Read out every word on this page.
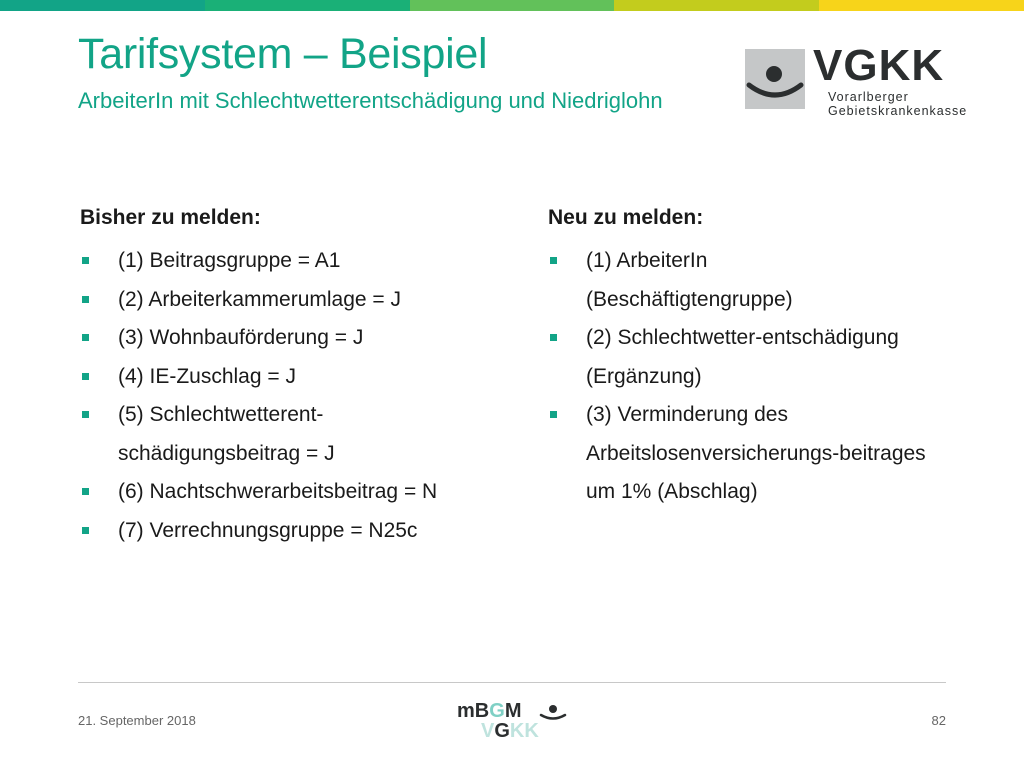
Tarifsystem – Beispiel
ArbeiterIn mit Schlechtwetterentschädigung und Niedriglohn
VGKK
Vorarlberger
Gebietskrankenkasse
Bisher zu melden:
(1) Beitragsgruppe = A1
(2) Arbeiterkammerumlage = J
(3) Wohnbauförderung = J
(4) IE-Zuschlag = J
(5) Schlechtwetterent-schädigungsbeitrag = J
(6) Nachtschwerarbeitsbeitrag = N
(7) Verrechnungsgruppe = N25c
Neu zu melden:
(1) ArbeiterIn (Beschäftigtengruppe)
(2) Schlechtwetter-entschädigung (Ergänzung)
(3) Verminderung des Arbeitslosenversicherungs-beitrages um 1% (Abschlag)
21. September 2018	mBGM
VGKK	82
